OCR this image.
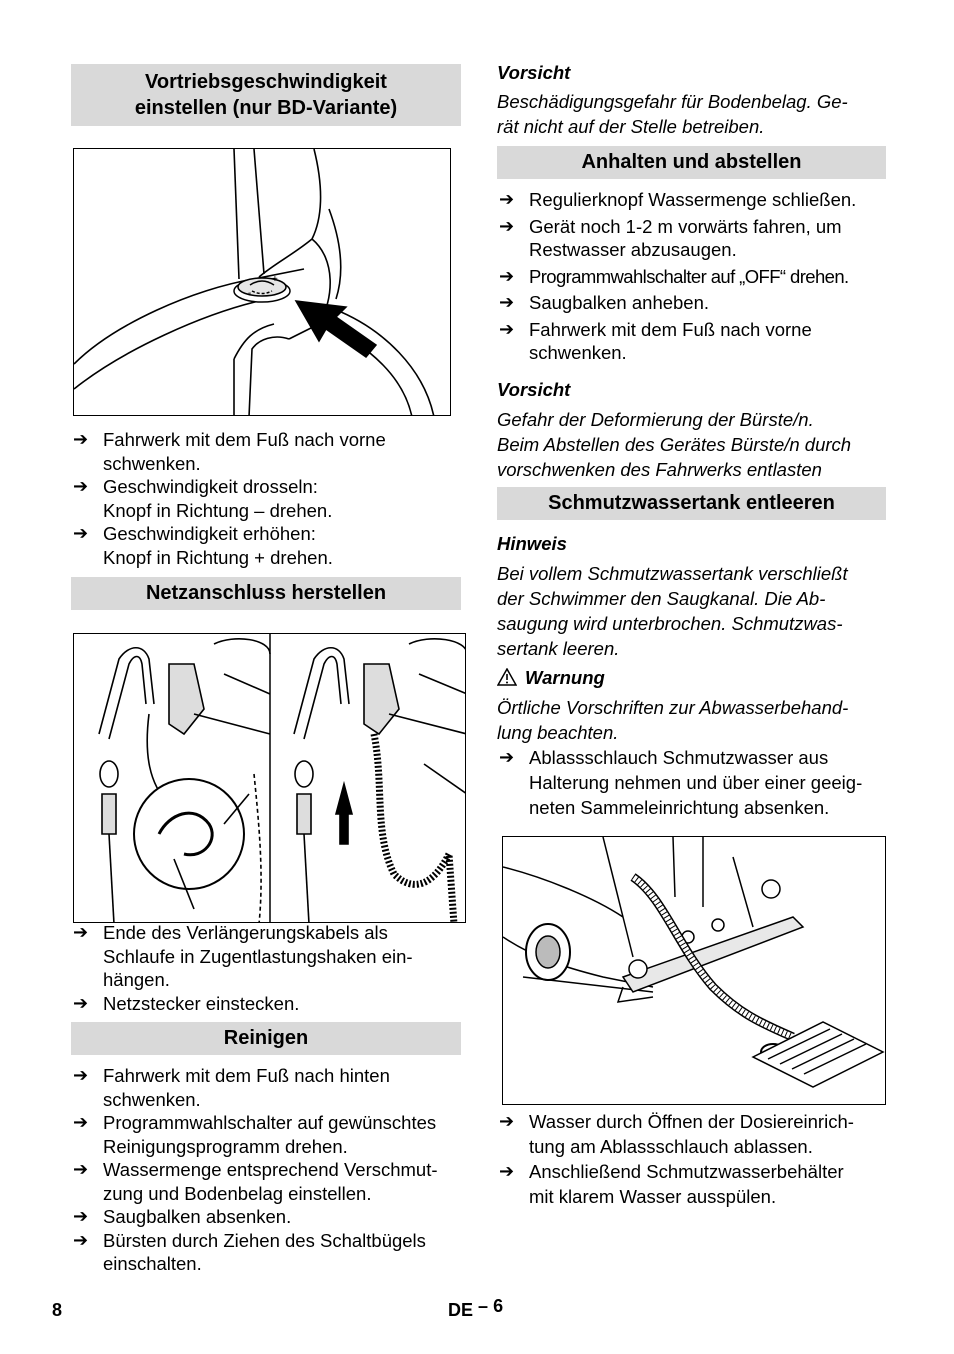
Vortriebsgeschwindigkeit
einstellen (nur BD-Variante)
+
-
➔ Fahrwerk mit dem Fuß nach vorne
schwenken.
➔ Geschwindigkeit drosseln:
Knopf in Richtung – drehen.
➔ Geschwindigkeit erhöhen:
Knopf in Richtung + drehen.
Netzanschluss herstellen
➔ Ende des Verlängerungskabels als
Schlaufe in Zugentlastungshaken ein-
hängen.
➔ Netzstecker einstecken.
Reinigen
➔ Fahrwerk mit dem Fuß nach hinten
schwenken.
➔ Programmwahlschalter auf gewünschtes
Reinigungsprogramm drehen.
➔ Wassermenge entsprechend Verschmut-
zung und Bodenbelag einstellen.
➔ Saugbalken absenken.
➔ Bürsten durch Ziehen des Schaltbügels
einschalten.
Vorsicht
Beschädigungsgefahr für Bodenbelag. Ge-
rät nicht auf der Stelle betreiben.
Anhalten und abstellen
➔ Regulierknopf Wassermenge schließen.
➔ Gerät noch 1-2 m vorwärts fahren, um
Restwasser abzusaugen.
➔ Programmwahlschalter auf „OFF“ drehen.
➔ Saugbalken anheben.
➔ Fahrwerk mit dem Fuß nach vorne
schwenken.
Vorsicht
Gefahr der Deformierung der Bürste/n.
Beim Abstellen des Gerätes Bürste/n durch
vorschwenken des Fahrwerks entlasten
Schmutzwassertank entleeren
Hinweis
Bei vollem Schmutzwassertank verschließt
der Schwimmer den Saugkanal. Die Ab-
saugung wird unterbrochen. Schmutzwas-
sertank leeren.
Warnung
Örtliche Vorschriften zur Abwasserbehand-
lung beachten.
➔ Ablassschlauch Schmutzwasser aus
Halterung nehmen und über einer geeig-
neten Sammeleinrichtung absenken.
➔ Wasser durch Öffnen der Dosiereinrich-
tung am Ablassschlauch ablassen.
➔ Anschließend Schmutzwasserbehälter
mit klarem Wasser ausspülen.
8	DE – 6
